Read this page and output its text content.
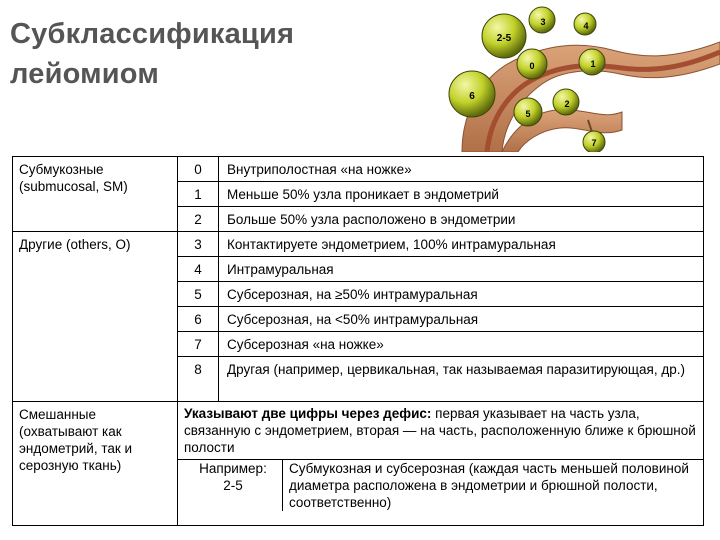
Субклассификация
лейомиом
2-5
3	4
0	1
6
5
2
7
Субмукозные (submucosal, SM)	0	Внутриполостная «на ножке»
1	Меньше 50% узла проникает в эндометрий
2	Больше 50% узла расположено в эндометрии
Другие (others, O)	3	Контактируете эндометрием, 100% интрамуральная
4	Интрамуральная
5	Субсерозная, на ≥50% интрамуральная
6	Субсерозная, на <50% интрамуральная
7	Субсерозная «на ножке»
8	Другая (например, цервикальная, так называемая паразитирующая, др.)
Смешанные (охватывают как эндометрий, так и серозную ткань)	
Указывают две цифры через дефис: первая указывает на часть узла, связанную с эндометрием, вторая — на часть, расположенную ближе к брюшной полости
Например:
2-5
	Субмукозная и субсерозная (каждая часть меньшей половиной диаметра расположена в эндометрии и брюшной полости, соответственно)
